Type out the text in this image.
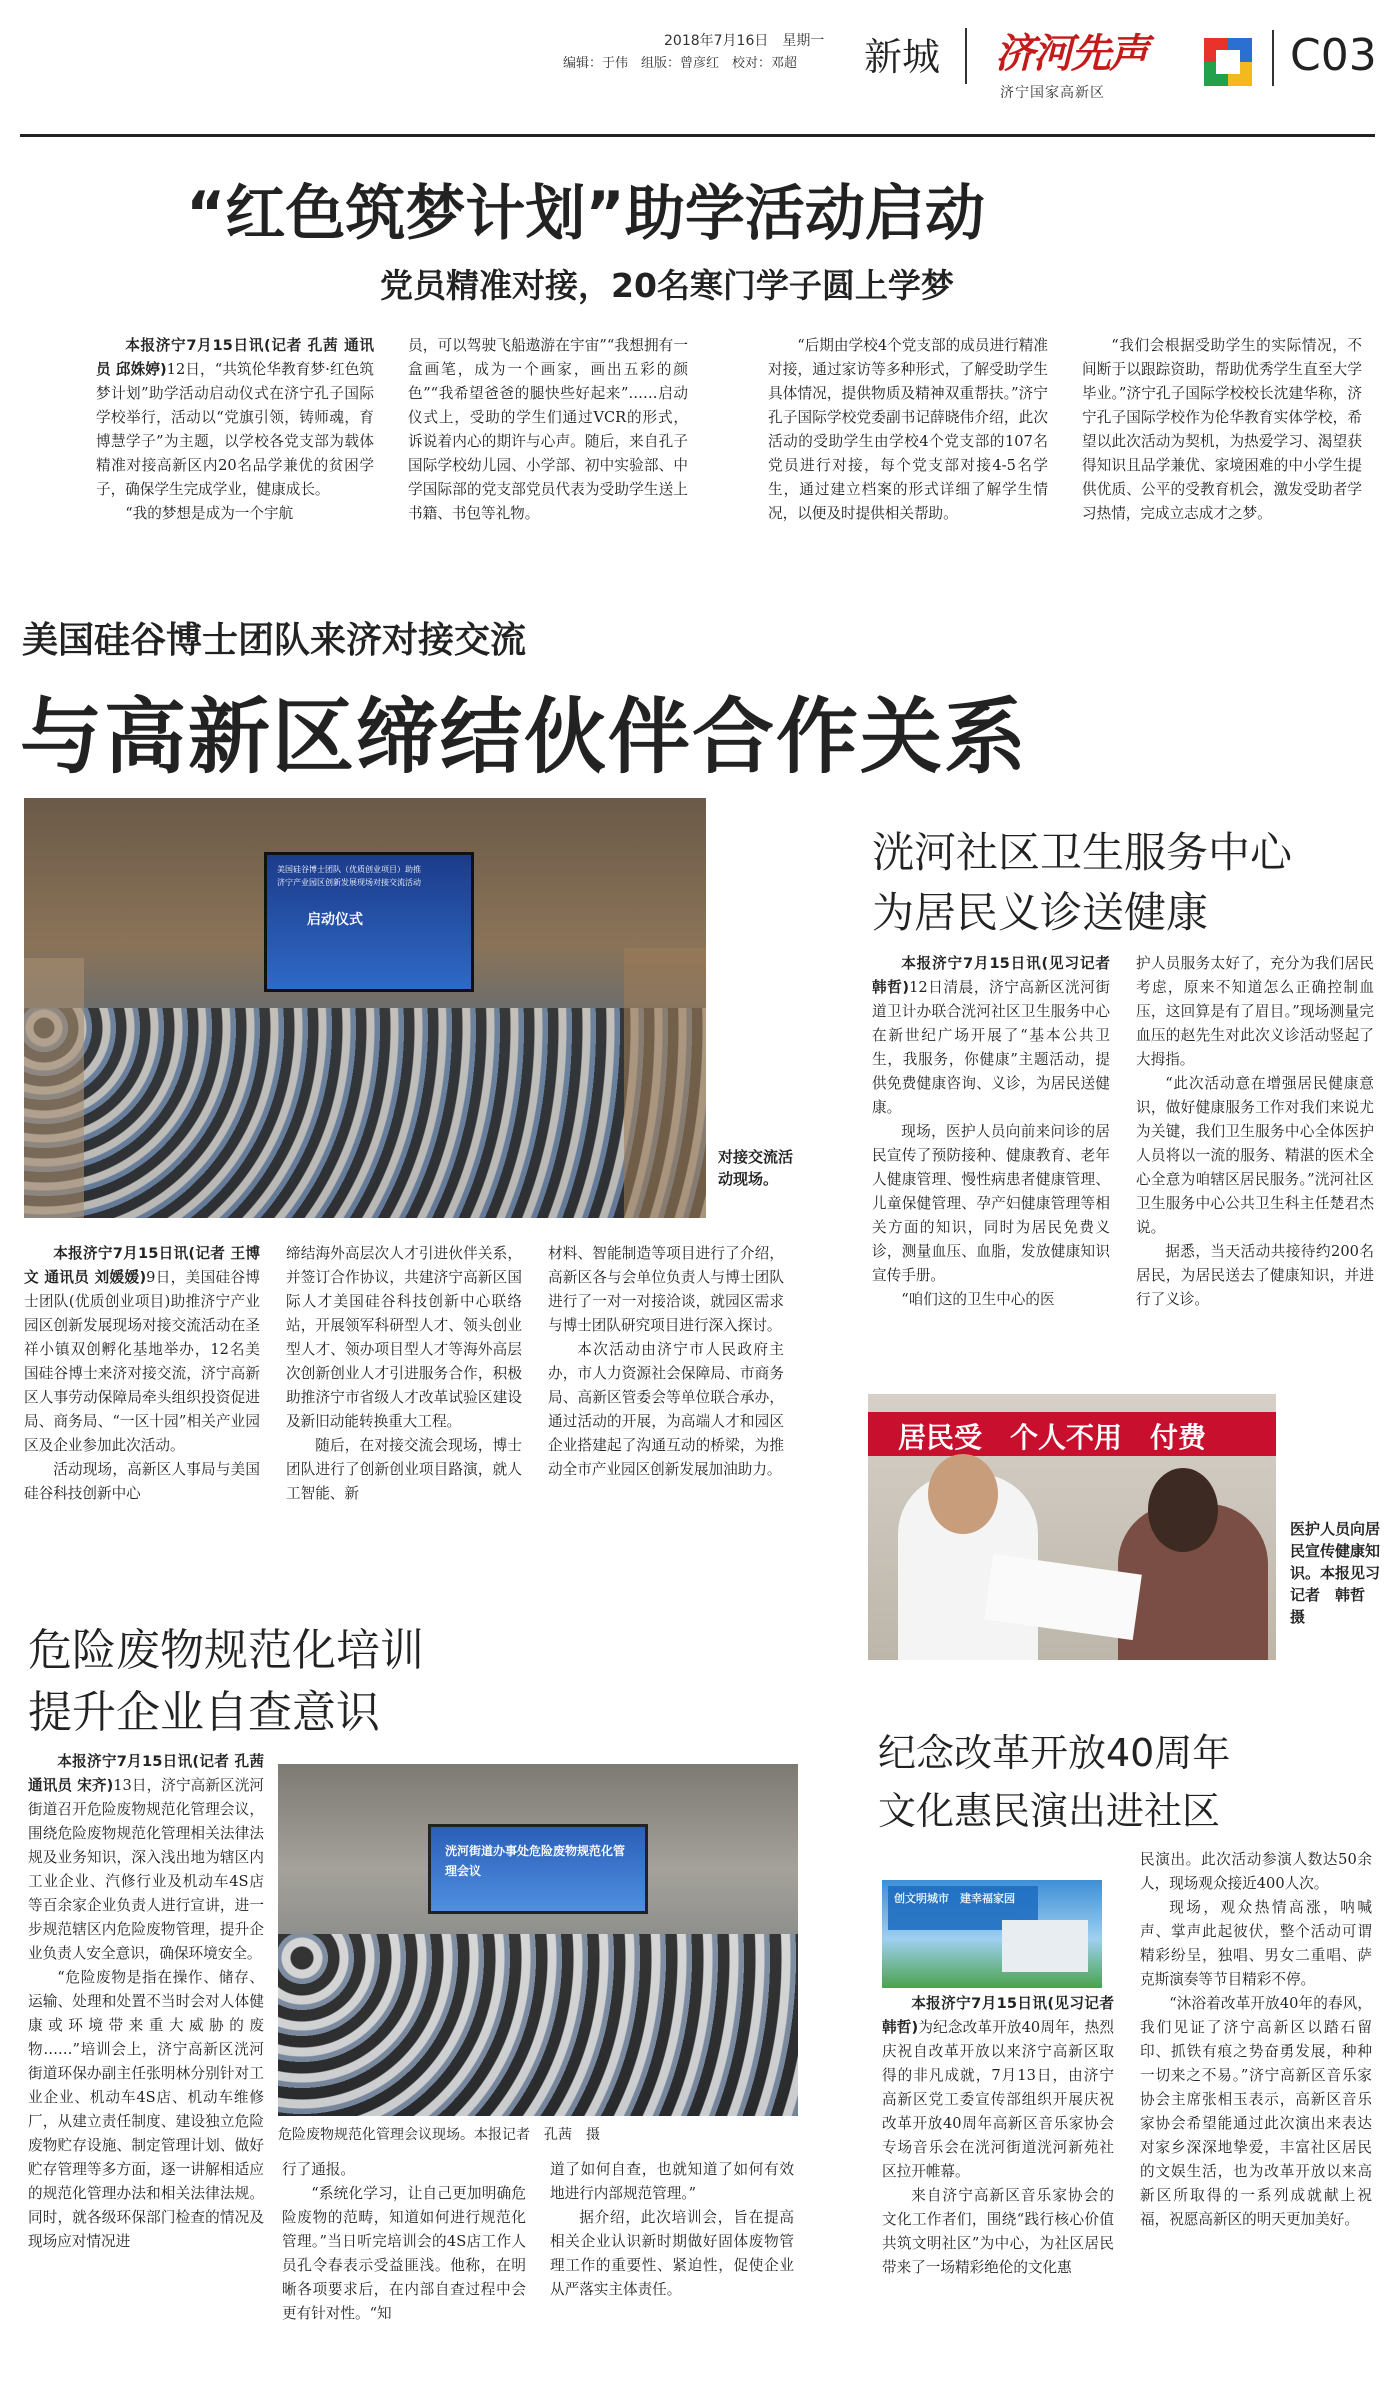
2018年7月16日　 星期一
编辑：于伟　组版：曾彦红　校对：邓超 新城 济河先声
济宁国家高新区
C03
“红色筑梦计划”助学活动启动
党员精准对接，20名寒门学子圆上学梦

本报济宁7月15日讯(记者 孔茜 通讯员 邱姝婷)12日，“共筑伦华教育梦·红色筑梦计划”助学活动启动仪式在济宁孔子国际学校举行，活动以“党旗引领，铸师魂，育博慧学子”为主题，以学校各党支部为载体精准对接高新区内20名品学兼优的贫困学子，确保学生完成学业，健康成长。

“我的梦想是成为一个宇航

员，可以驾驶飞船遨游在宇宙”“我想拥有一盒画笔，成为一个画家，画出五彩的颜色”“我希望爸爸的腿快些好起来”……启动仪式上，受助的学生们通过VCR的形式，诉说着内心的期许与心声。随后，来自孔子国际学校幼儿园、小学部、初中实验部、中学国际部的党支部党员代表为受助学生送上书籍、书包等礼物。

“后期由学校4个党支部的成员进行精准对接，通过家访等多种形式，了解受助学生具体情况，提供物质及精神双重帮扶。”济宁孔子国际学校党委副书记薛晓伟介绍，此次活动的受助学生由学校4个党支部的107名党员进行对接，每个党支部对接4-5名学生，通过建立档案的形式详细了解学生情况，以便及时提供相关帮助。

“我们会根据受助学生的实际情况，不间断于以跟踪资助，帮助优秀学生直至大学毕业。”济宁孔子国际学校校长沈建华称，济宁孔子国际学校作为伦华教育实体学校，希望以此次活动为契机，为热爱学习、渴望获得知识且品学兼优、家境困难的中小学生提供优质、公平的受教育机会，激发受助者学习热情，完成立志成才之梦。

美国硅谷博士团队来济对接交流
与高新区缔结伙伴合作关系
美国硅谷博士团队（优质创业项目）助推
济宁产业园区创新发展现场对接交流活动
启动仪式
对接交流活动现场。

本报济宁7月15日讯(记者 王博文 通讯员 刘媛媛)9日，美国硅谷博士团队(优质创业项目)助推济宁产业园区创新发展现场对接交流活动在圣祥小镇双创孵化基地举办，12名美国硅谷博士来济对接交流，济宁高新区人事劳动保障局牵头组织投资促进局、商务局、“一区十园”相关产业园区及企业参加此次活动。

活动现场，高新区人事局与美国硅谷科技创新中心

缔结海外高层次人才引进伙伴关系，并签订合作协议，共建济宁高新区国际人才美国硅谷科技创新中心联络站，开展领军科研型人才、领头创业型人才、领办项目型人才等海外高层次创新创业人才引进服务合作，积极助推济宁市省级人才改革试验区建设及新旧动能转换重大工程。

随后，在对接交流会现场，博士团队进行了创新创业项目路演，就人工智能、新

材料、智能制造等项目进行了介绍，高新区各与会单位负责人与博士团队进行了一对一对接洽谈，就园区需求与博士团队研究项目进行深入探讨。

本次活动由济宁市人民政府主办，市人力资源社会保障局、市商务局、高新区管委会等单位联合承办，通过活动的开展，为高端人才和园区企业搭建起了沟通互动的桥梁，为推动全市产业园区创新发展加油助力。

洸河社区卫生服务中心
为居民义诊送健康

本报济宁7月15日讯(见习记者 韩哲)12日清晨，济宁高新区洸河街道卫计办联合洸河社区卫生服务中心在新世纪广场开展了“基本公共卫生，我服务，你健康”主题活动，提供免费健康咨询、义诊，为居民送健康。

现场，医护人员向前来问诊的居民宣传了预防接种、健康教育、老年人健康管理、慢性病患者健康管理、儿童保健管理、孕产妇健康管理等相关方面的知识，同时为居民免费义诊，测量血压、血脂，发放健康知识宣传手册。

“咱们这的卫生中心的医

护人员服务太好了，充分为我们居民考虑，原来不知道怎么正确控制血压，这回算是有了眉目。”现场测量完血压的赵先生对此次义诊活动竖起了大拇指。

“此次活动意在增强居民健康意识，做好健康服务工作对我们来说尤为关键，我们卫生服务中心全体医护人员将以一流的服务、精湛的医术全心全意为咱辖区居民服务。”洸河社区卫生服务中心公共卫生科主任楚君杰说。

据悉，当天活动共接待约200名居民，为居民送去了健康知识，并进行了义诊。

居民受　个人不用　付费
医护人员向居民宣传健康知识。本报见习记者　韩哲　摄
危险废物规范化培训
提升企业自查意识

本报济宁7月15日讯(记者 孔茜 通讯员 宋齐)13日，济宁高新区洸河街道召开危险废物规范化管理会议，围绕危险废物规范化管理相关法律法规及业务知识，深入浅出地为辖区内工业企业、汽修行业及机动车4S店等百余家企业负责人进行宣讲，进一步规范辖区内危险废物管理，提升企业负责人安全意识，确保环境安全。

“危险废物是指在操作、储存、运输、处理和处置不当时会对人体健康或环境带来重大威胁的废物……”培训会上，济宁高新区洸河街道环保办副主任张明林分别针对工业企业、机动车4S店、机动车维修厂，从建立责任制度、建设独立危险废物贮存设施、制定管理计划、做好贮存管理等多方面，逐一讲解相适应的规范化管理办法和相关法律法规。同时，就各级环保部门检查的情况及现场应对情况进

洸河街道办事处危险废物规范化管理会议
危险废物规范化管理会议现场。本报记者　孔茜　摄

行了通报。

“系统化学习，让自己更加明确危险废物的范畴，知道如何进行规范化管理。”当日听完培训会的4S店工作人员孔令春表示受益匪浅。他称，在明晰各项要求后，在内部自查过程中会更有针对性。“知

道了如何自查，也就知道了如何有效地进行内部规范管理。”

据介绍，此次培训会，旨在提高相关企业认识新时期做好固体废物管理工作的重要性、紧迫性，促使企业从严落实主体责任。

纪念改革开放40周年
文化惠民演出进社区
创文明城市　建幸福家园

本报济宁7月15日讯(见习记者 韩哲)为纪念改革开放40周年，热烈庆祝自改革开放以来济宁高新区取得的非凡成就，7月13日，由济宁高新区党工委宣传部组织开展庆祝改革开放40周年高新区音乐家协会专场音乐会在洸河街道洸河新苑社区拉开帷幕。

来自济宁高新区音乐家协会的文化工作者们，围绕“践行核心价值　共筑文明社区”为中心，为社区居民带来了一场精彩绝伦的文化惠

民演出。此次活动参演人数达50余人，现场观众接近400人次。

现场，观众热情高涨，呐喊声、掌声此起彼伏，整个活动可谓精彩纷呈，独唱、男女二重唱、萨克斯演奏等节目精彩不停。

“沐浴着改革开放40年的春风，我们见证了济宁高新区以踏石留印、抓铁有痕之势奋勇发展，种种一切来之不易。”济宁高新区音乐家协会主席张相玉表示，高新区音乐家协会希望能通过此次演出来表达对家乡深深地挚爱，丰富社区居民的文娱生活，也为改革开放以来高新区所取得的一系列成就献上祝福，祝愿高新区的明天更加美好。
